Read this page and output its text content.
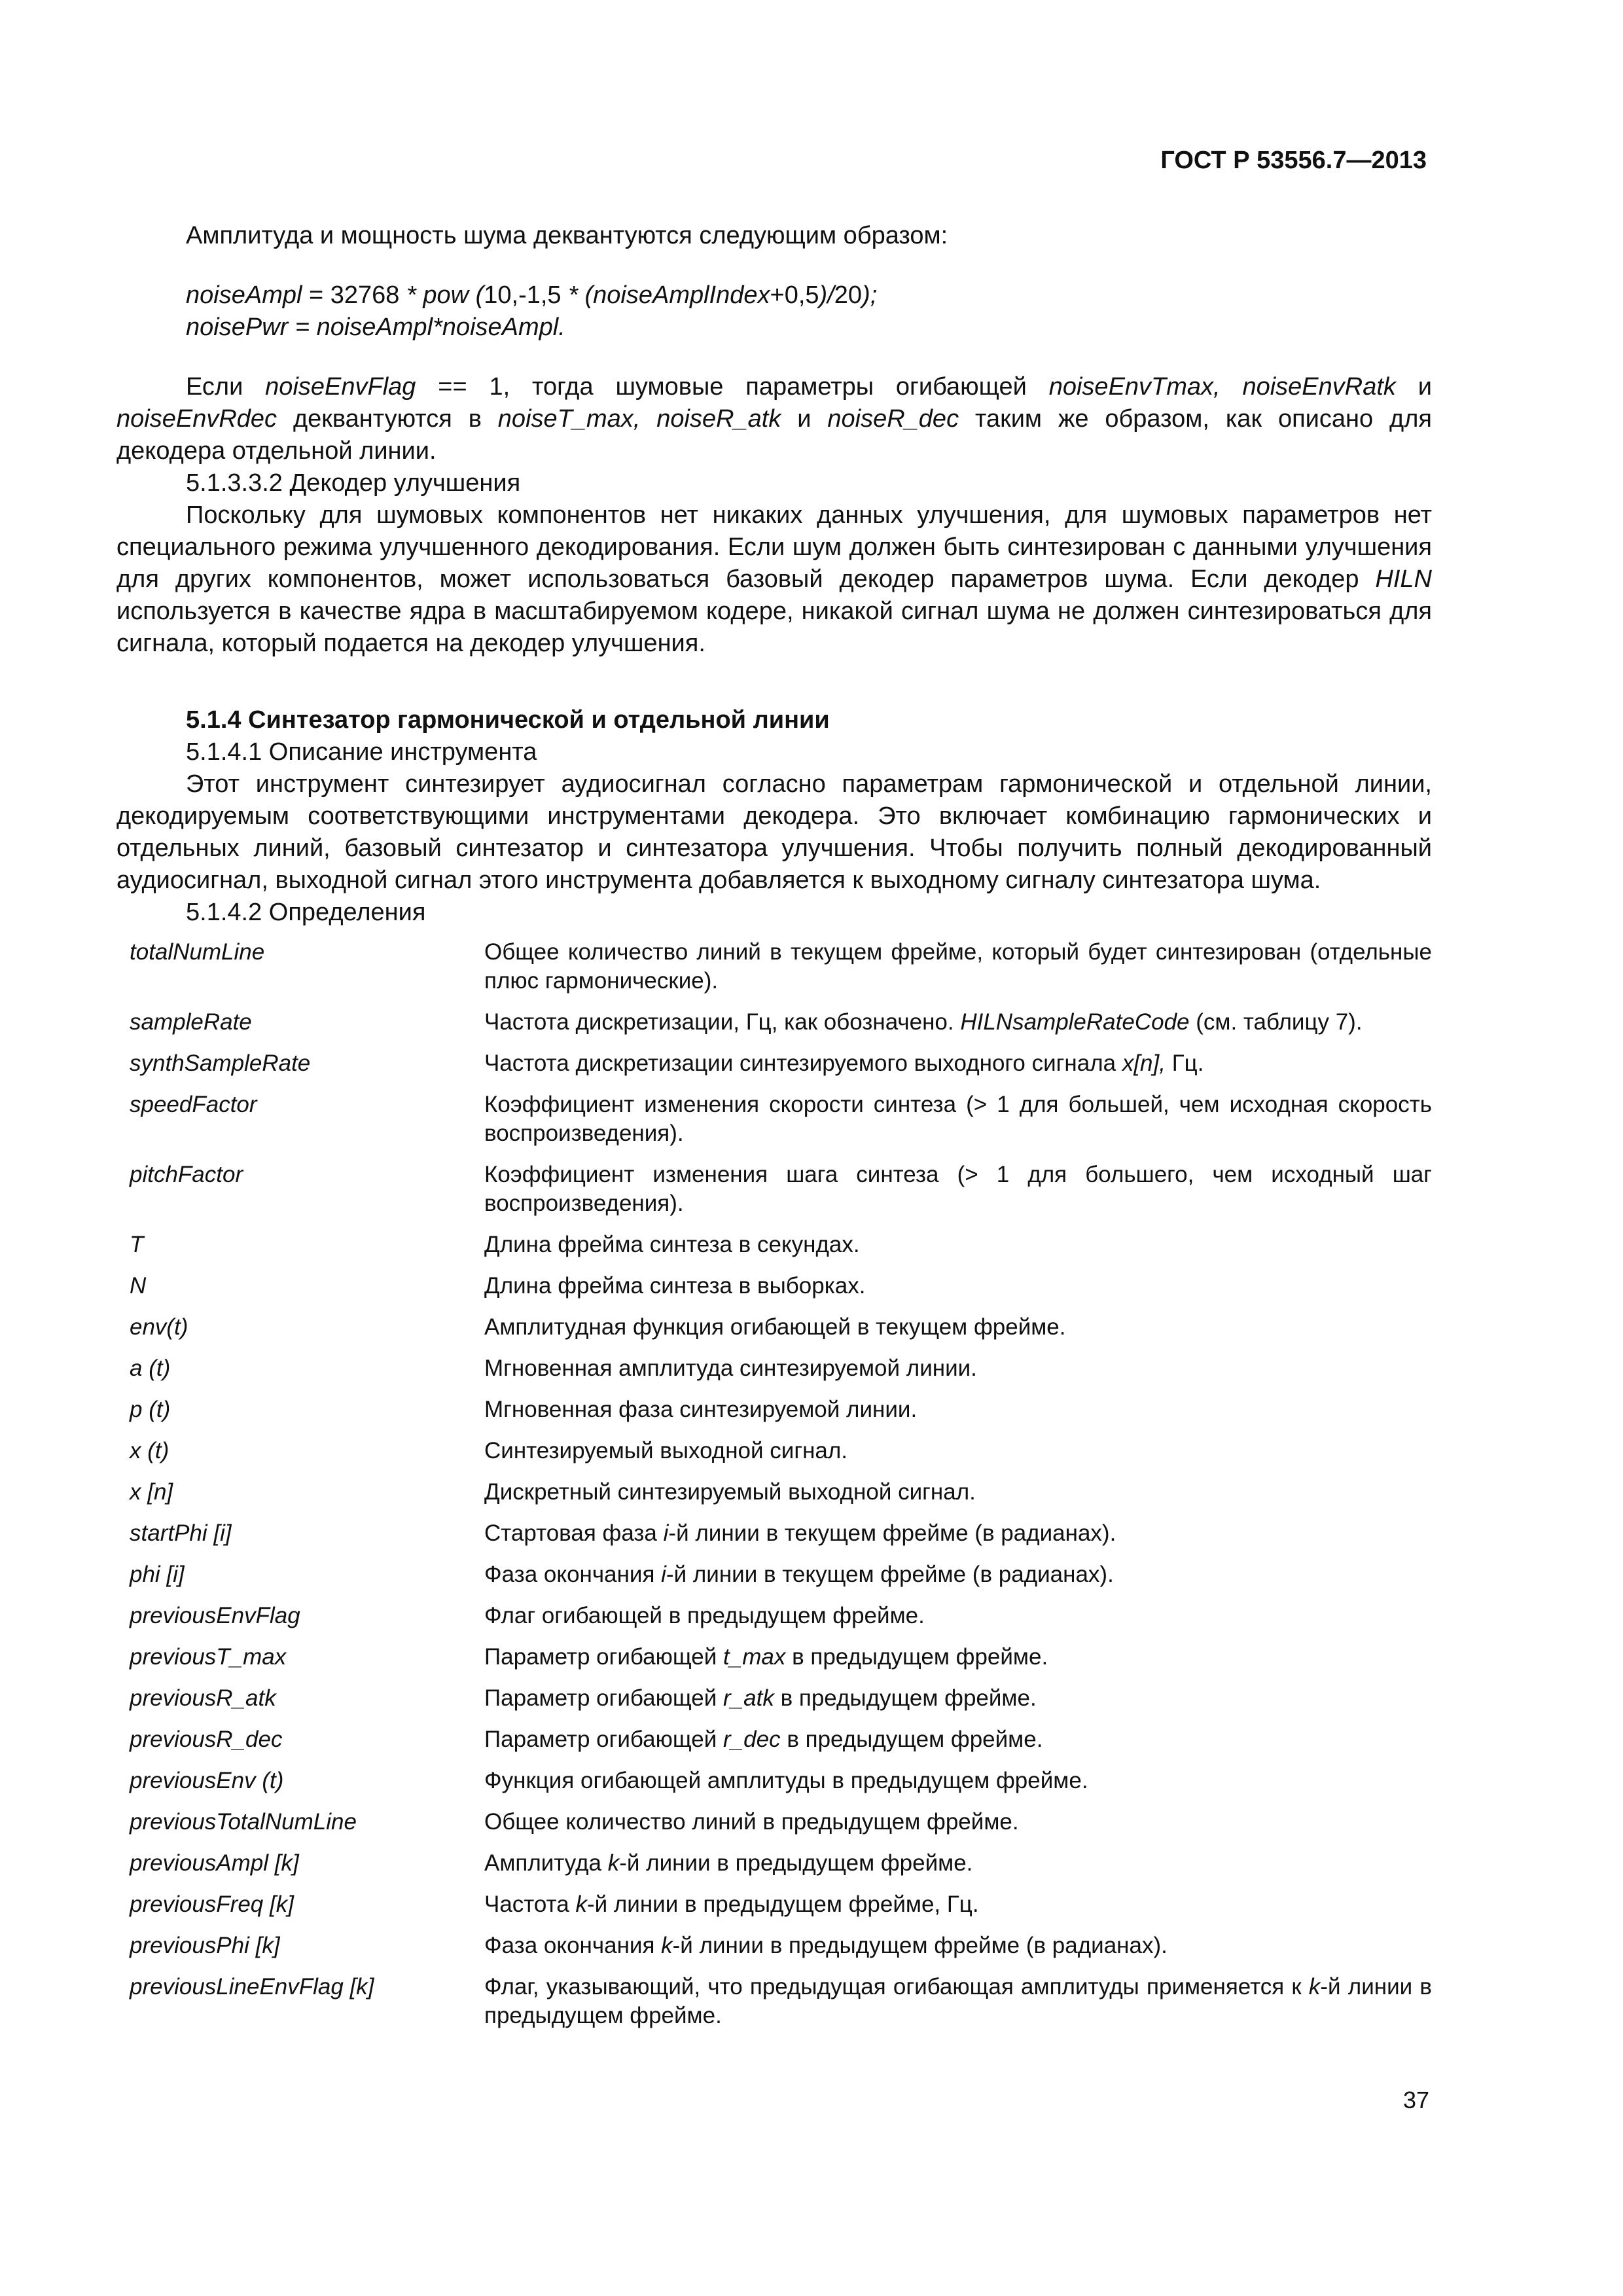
ГОСТ Р 53556.7—2013

Амплитуда и мощность шума деквантуются следующим образом:

noiseAmpl = 32768 * pow (10,-1,5 * (noiseAmplIndex+0,5)/20);
noisePwr = noiseAmpl*noiseAmpl.

Если noiseEnvFlag == 1, тогда шумовые параметры огибающей noiseEnvTmax, noiseEnvRatk и noiseEnvRdec деквантуются в noiseT_max, noiseR_atk и noiseR_dec таким же образом, как описано для декодера отдельной линии.

5.1.3.3.2 Декодер улучшения

Поскольку для шумовых компонентов нет никаких данных улучшения, для шумовых параметров нет специального режима улучшенного декодирования. Если шум должен быть синтезирован с данными улучшения для других компонентов, может использоваться базовый декодер параметров шума. Если декодер HILN используется в качестве ядра в масштабируемом кодере, никакой сигнал шума не должен синтезироваться для сигнала, который подается на декодер улучшения.

5.1.4 Синтезатор гармонической и отдельной линии

5.1.4.1 Описание инструмента

Этот инструмент синтезирует аудиосигнал согласно параметрам гармонической и отдельной линии, декодируемым соответствующими инструментами декодера. Это включает комбинацию гармонических и отдельных линий, базовый синтезатор и синтезатора улучшения. Чтобы получить полный декодированный аудиосигнал, выходной сигнал этого инструмента добавляется к выходному сигналу синтезатора шума.

5.1.4.2 Определения

totalNumLine	Общее количество линий в текущем фрейме, который будет синтезирован (отдельные плюс гармонические).
sampleRate	Частота дискретизации, Гц, как обозначено. HILNsampleRateCode (см. таблицу 7).
synthSampleRate	Частота дискретизации синтезируемого выходного сигнала x[n], Гц.
speedFactor	Коэффициент изменения скорости синтеза (> 1 для большей, чем исходная скорость воспроизведения).
pitchFactor	Коэффициент изменения шага синтеза (> 1 для большего, чем исходный шаг воспроизведения).
T	Длина фрейма синтеза в секундах.
N	Длина фрейма синтеза в выборках.
env(t)	Амплитудная функция огибающей в текущем фрейме.
a (t)	Мгновенная амплитуда синтезируемой линии.
p (t)	Мгновенная фаза синтезируемой линии.
x (t)	Синтезируемый выходной сигнал.
x [n]	Дискретный синтезируемый выходной сигнал.
startPhi [i]	Стартовая фаза i-й линии в текущем фрейме (в радианах).
phi [i]	Фаза окончания i-й линии в текущем фрейме (в радианах).
previousEnvFlag	Флаг огибающей в предыдущем фрейме.
previousT_max	Параметр огибающей t_max в предыдущем фрейме.
previousR_atk	Параметр огибающей r_atk в предыдущем фрейме.
previousR_dec	Параметр огибающей r_dec в предыдущем фрейме.
previousEnv (t)	Функция огибающей амплитуды в предыдущем фрейме.
previousTotalNumLine	Общее количество линий в предыдущем фрейме.
previousAmpl [k]	Амплитуда k-й линии в предыдущем фрейме.
previousFreq [k]	Частота k-й линии в предыдущем фрейме, Гц.
previousPhi [k]	Фаза окончания k-й линии в предыдущем фрейме (в радианах).
previousLineEnvFlag [k]	Флаг, указывающий, что предыдущая огибающая амплитуды применяется к k-й линии в предыдущем фрейме.
37
